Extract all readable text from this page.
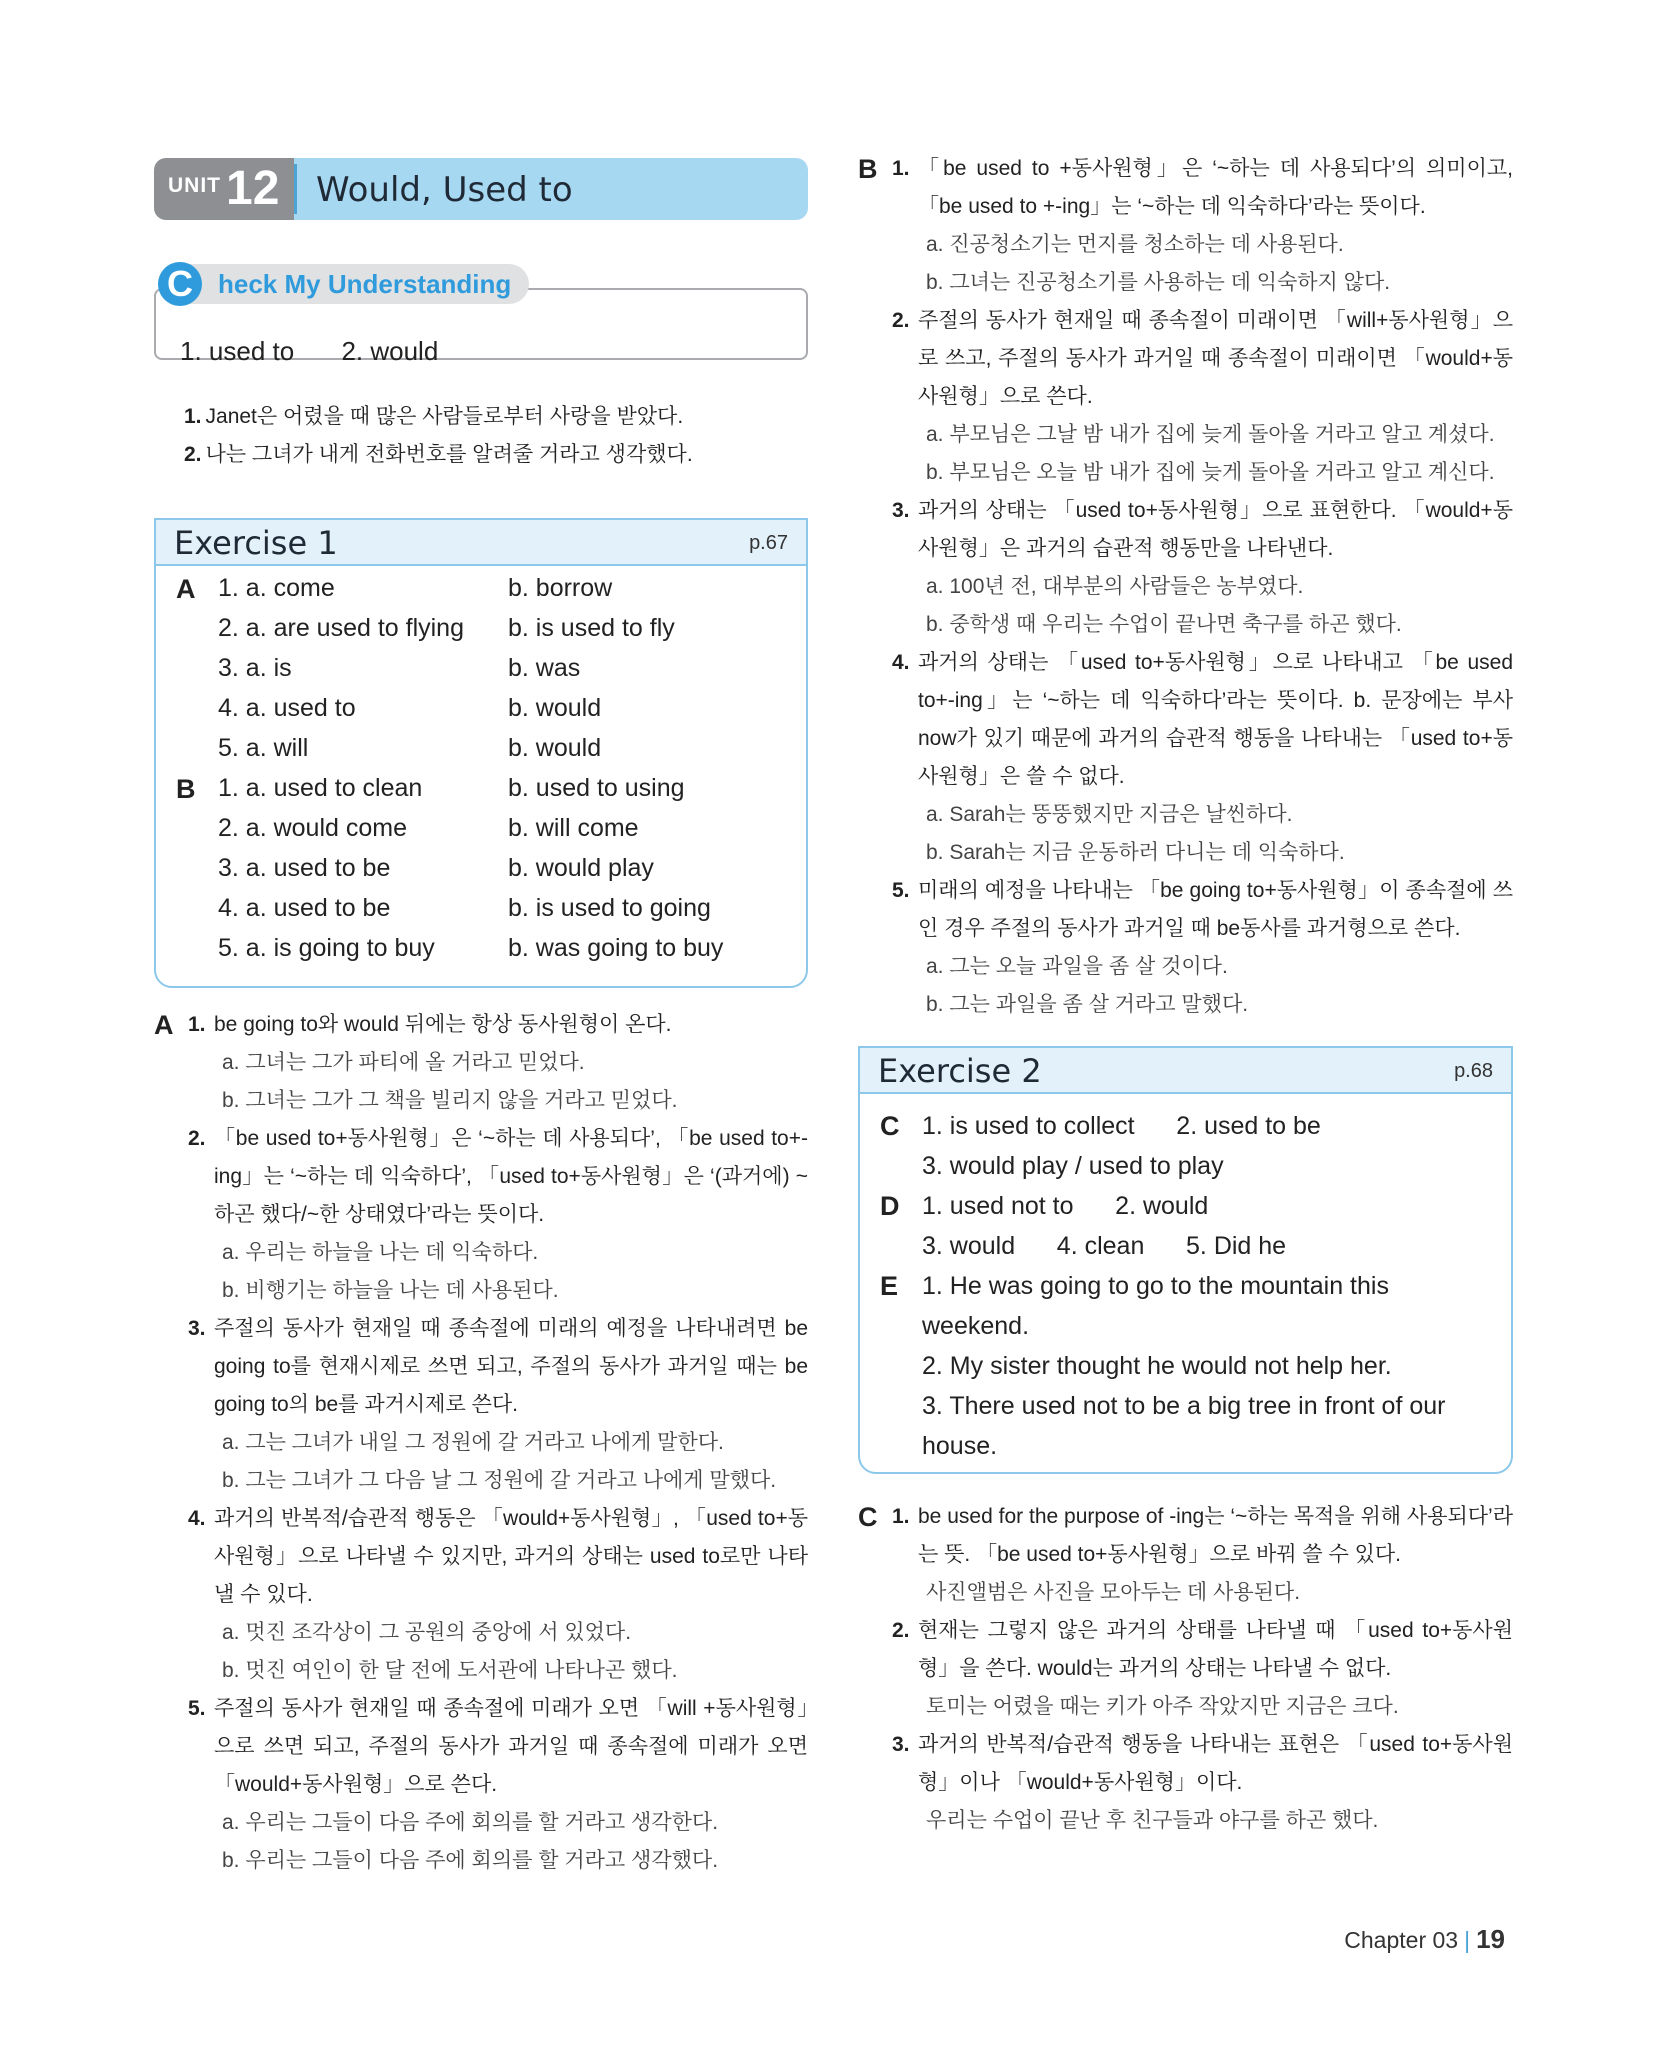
UNIT 12 Would, Used to
1. used to 2. would
C heck My Understanding
1. Janet은 어렸을 때 많은 사람들로부터 사랑을 받았다.
2. 나는 그녀가 내게 전화번호를 알려줄 거라고 생각했다.
Exercise 1	p.67
A 1. a. come	b. borrow
2. a. are used to flying b. is used to fly
3. a. is	b. was
4. a. used to	b. would
5. a. will	b. would
B 1. a. used to clean	b. used to using
2. a. would come	b. will come
3. a. used to be	b. would play
4. a. used to be	b. is used to going
5. a. is going to buy	b. was going to buy
A 1. be going to와 would 뒤에는 항상 동사원형이 온다.
a. 그녀는 그가 파티에 올 거라고 믿었다.
b. 그녀는 그가 그 책을 빌리지 않을 거라고 믿었다.
2. 「be used to+동사원형」은 ‘~하는 데 사용되다’, 「be used to+-ing」는 ‘~하는 데 익숙하다’, 「used to+동사원형」은 ‘(과거에) ~하곤 했다/~한 상태였다’라는 뜻이다.
a. 우리는 하늘을 나는 데 익숙하다.
b. 비행기는 하늘을 나는 데 사용된다.
3. 주절의 동사가 현재일 때 종속절에 미래의 예정을 나타내려면 be going to를 현재시제로 쓰면 되고, 주절의 동사가 과거일 때는 be going to의 be를 과거시제로 쓴다.
a. 그는 그녀가 내일 그 정원에 갈 거라고 나에게 말한다.
b. 그는 그녀가 그 다음 날 그 정원에 갈 거라고 나에게 말했다.
4. 과거의 반복적/습관적 행동은 「would+동사원형」, 「used to+동사원형」으로 나타낼 수 있지만, 과거의 상태는 used to로만 나타낼 수 있다.
a. 멋진 조각상이 그 공원의 중앙에 서 있었다.
b. 멋진 여인이 한 달 전에 도서관에 나타나곤 했다.
5. 주절의 동사가 현재일 때 종속절에 미래가 오면 「will +동사원형」으로 쓰면 되고, 주절의 동사가 과거일 때 종속절에 미래가 오면 「would+동사원형」으로 쓴다.
a. 우리는 그들이 다음 주에 회의를 할 거라고 생각한다.
b. 우리는 그들이 다음 주에 회의를 할 거라고 생각했다.
B 1. 「be used to +동사원형」은 ‘~하는 데 사용되다’의 의미이고, 「be used to +-ing」는 ‘~하는 데 익숙하다’라는 뜻이다.
a. 진공청소기는 먼지를 청소하는 데 사용된다.
b. 그녀는 진공청소기를 사용하는 데 익숙하지 않다.
2. 주절의 동사가 현재일 때 종속절이 미래이면 「will+동사원형」으로 쓰고, 주절의 동사가 과거일 때 종속절이 미래이면 「would+동사원형」으로 쓴다.
a. 부모님은 그날 밤 내가 집에 늦게 돌아올 거라고 알고 계셨다.
b. 부모님은 오늘 밤 내가 집에 늦게 돌아올 거라고 알고 계신다.
3. 과거의 상태는 「used to+동사원형」으로 표현한다. 「would+동사원형」은 과거의 습관적 행동만을 나타낸다.
a. 100년 전, 대부분의 사람들은 농부였다.
b. 중학생 때 우리는 수업이 끝나면 축구를 하곤 했다.
4. 과거의 상태는 「used to+동사원형」으로 나타내고 「be used to+-ing」는 ‘~하는 데 익숙하다’라는 뜻이다. b. 문장에는 부사 now가 있기 때문에 과거의 습관적 행동을 나타내는 「used to+동사원형」은 쓸 수 없다.
a. Sarah는 뚱뚱했지만 지금은 날씬하다.
b. Sarah는 지금 운동하러 다니는 데 익숙하다.
5. 미래의 예정을 나타내는 「be going to+동사원형」이 종속절에 쓰인 경우 주절의 동사가 과거일 때 be동사를 과거형으로 쓴다.
a. 그는 오늘 과일을 좀 살 것이다.
b. 그는 과일을 좀 살 거라고 말했다.
Exercise 2	p.68
C 1. is used to collect      2. used to be
3. would play / used to play
D 1. used not to      2. would
3. would      4. clean      5. Did he
E 1. He was going to go to the mountain this weekend.
2. My sister thought he would not help her.
3. There used not to be a big tree in front of our house.
C 1. be used for the purpose of -ing는 ‘~하는 목적을 위해 사용되다’라는 뜻. 「be used to+동사원형」으로 바꿔 쓸 수 있다.
사진앨범은 사진을 모아두는 데 사용된다.
2. 현재는 그렇지 않은 과거의 상태를 나타낼 때 「used to+동사원형」을 쓴다. would는 과거의 상태는 나타낼 수 없다.
토미는 어렸을 때는 키가 아주 작았지만 지금은 크다.
3. 과거의 반복적/습관적 행동을 나타내는 표현은 「used to+동사원형」이나 「would+동사원형」이다.
우리는 수업이 끝난 후 친구들과 야구를 하곤 했다.
Chapter 03 | 19
